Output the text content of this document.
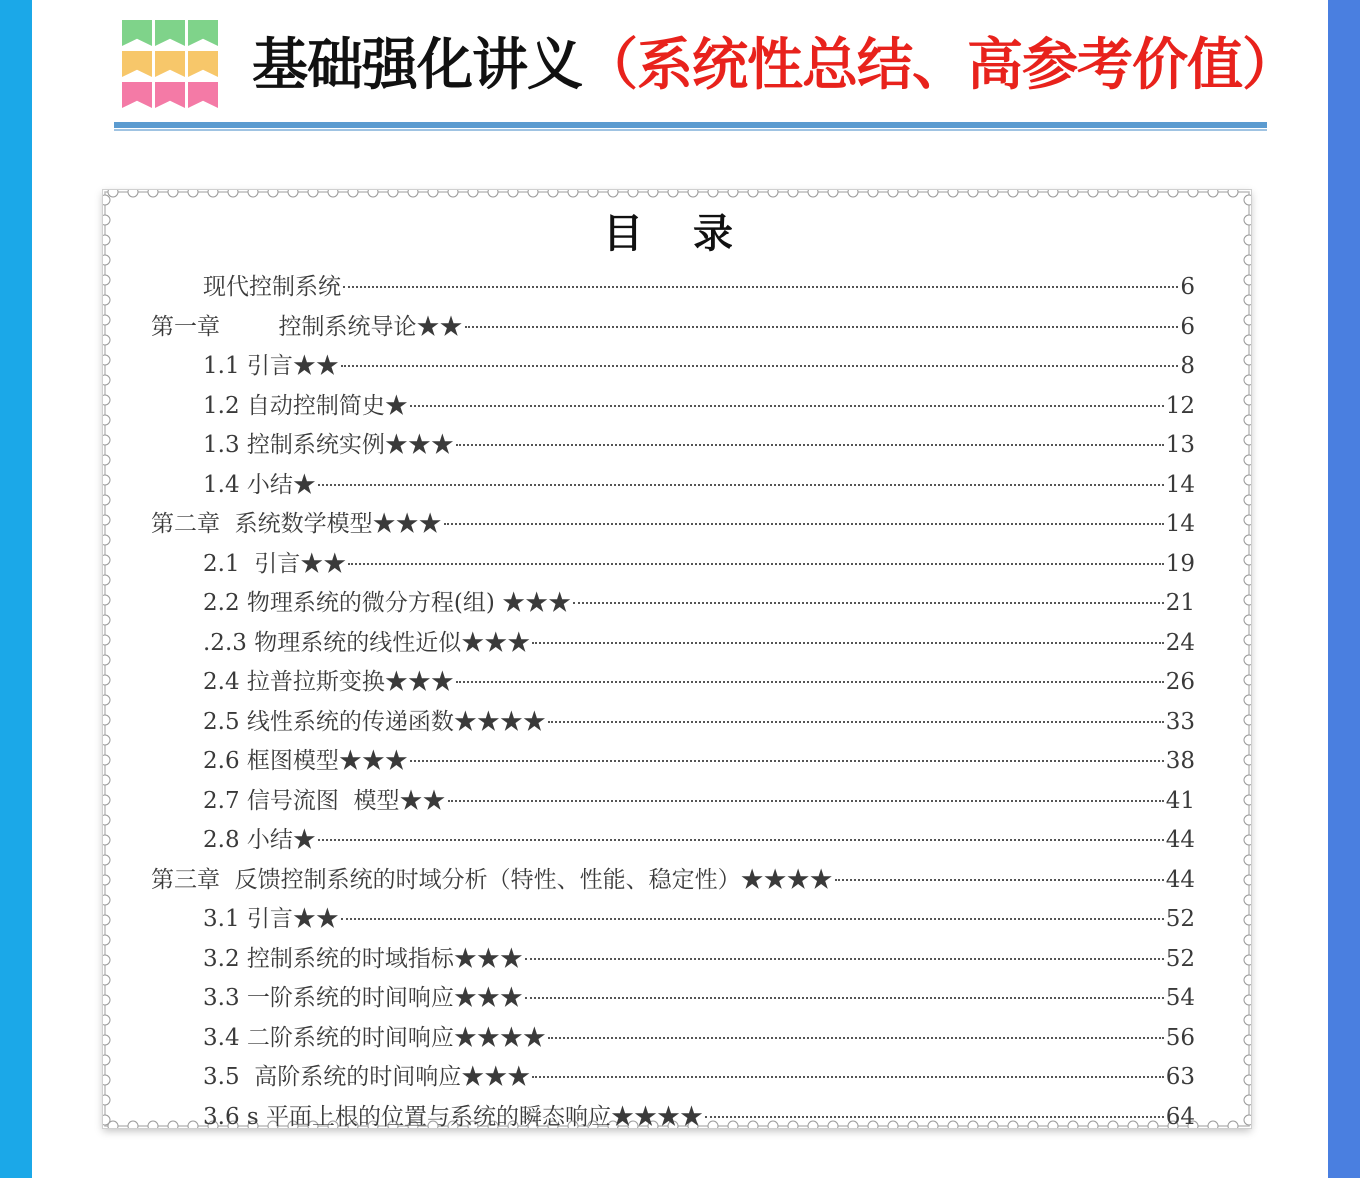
基础强化讲义（系统性总结、高参考价值）
目 录
现代控制系统	6
第一章        控制系统导论★★	6
1.1 引言★★	8
1.2 自动控制简史★	12
1.3 控制系统实例★★★	13
1.4 小结★	14
第二章  系统数学模型★★★	14
2.1  引言★★	19
2.2 物理系统的微分方程(组) ★★★	21
.2.3 物理系统的线性近似★★★	24
2.4 拉普拉斯变换★★★	26
2.5 线性系统的传递函数★★★★	33
2.6 框图模型★★★	38
2.7 信号流图  模型★★	41
2.8 小结★	44
第三章  反馈控制系统的时域分析（特性、性能、稳定性）★★★★	44
3.1 引言★★	52
3.2 控制系统的时域指标★★★	52
3.3 一阶系统的时间响应★★★	54
3.4 二阶系统的时间响应★★★★	56
3.5  高阶系统的时间响应★★★	63
3.6 s 平面上根的位置与系统的瞬态响应★★★★	64
